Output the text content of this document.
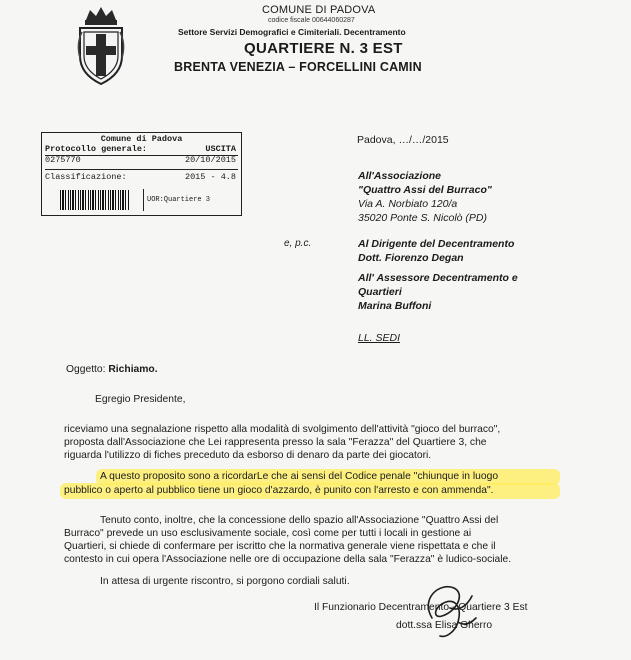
COMUNE DI PADOVA
codice fiscale 00644060287
Settore Servizi Demografici e Cimiteriali. Decentramento
QUARTIERE N. 3 EST
BRENTA VENEZIA – FORCELLINI CAMIN
Comune di Padova
Protocollo generale:	USCITA
0275770	20/10/2015
Classificazione:	2015 - 4.8
UOR:Quartiere 3
Padova, …/…/2015
All'Associazione
"Quattro Assi del Burraco"
Via A. Norbiato 120/a
35020 Ponte S. Nicolò (PD)
e, p.c.	Al Dirigente del Decentramento
Dott. Fiorenzo Degan
All' Assessore Decentramento e
Quartieri
Marina Buffoni
LL. SEDI
Oggetto: Richiamo.
Egregio Presidente,
riceviamo una segnalazione rispetto alla modalità di svolgimento dell'attività "gioco del burraco",
proposta dall'Associazione che Lei rappresenta presso la sala "Ferazza" del Quartiere 3, che
riguarda l'utilizzo di fiches preceduto da esborso di denaro da parte dei giocatori.
A questo proposito sono a ricordarLe che ai sensi del Codice penale "chiunque in luogo
pubblico o aperto al pubblico tiene un gioco d'azzardo, è punito con l'arresto e con ammenda".
Tenuto conto, inoltre, che la concessione dello spazio all'Associazione "Quattro Assi del
Burraco" prevede un uso esclusivamente sociale, così come per tutti i locali in gestione ai
Quartieri, si chiede di confermare per iscritto che la normativa generale viene rispettata e che il
contesto in cui opera l'Associazione nelle ore di occupazione della sala "Ferazza" è ludico-sociale.
In attesa di urgente riscontro, si porgono cordiali saluti.
Il Funzionario Decentramento - Quartiere 3 Est
dott.ssa Elisa Gherro
